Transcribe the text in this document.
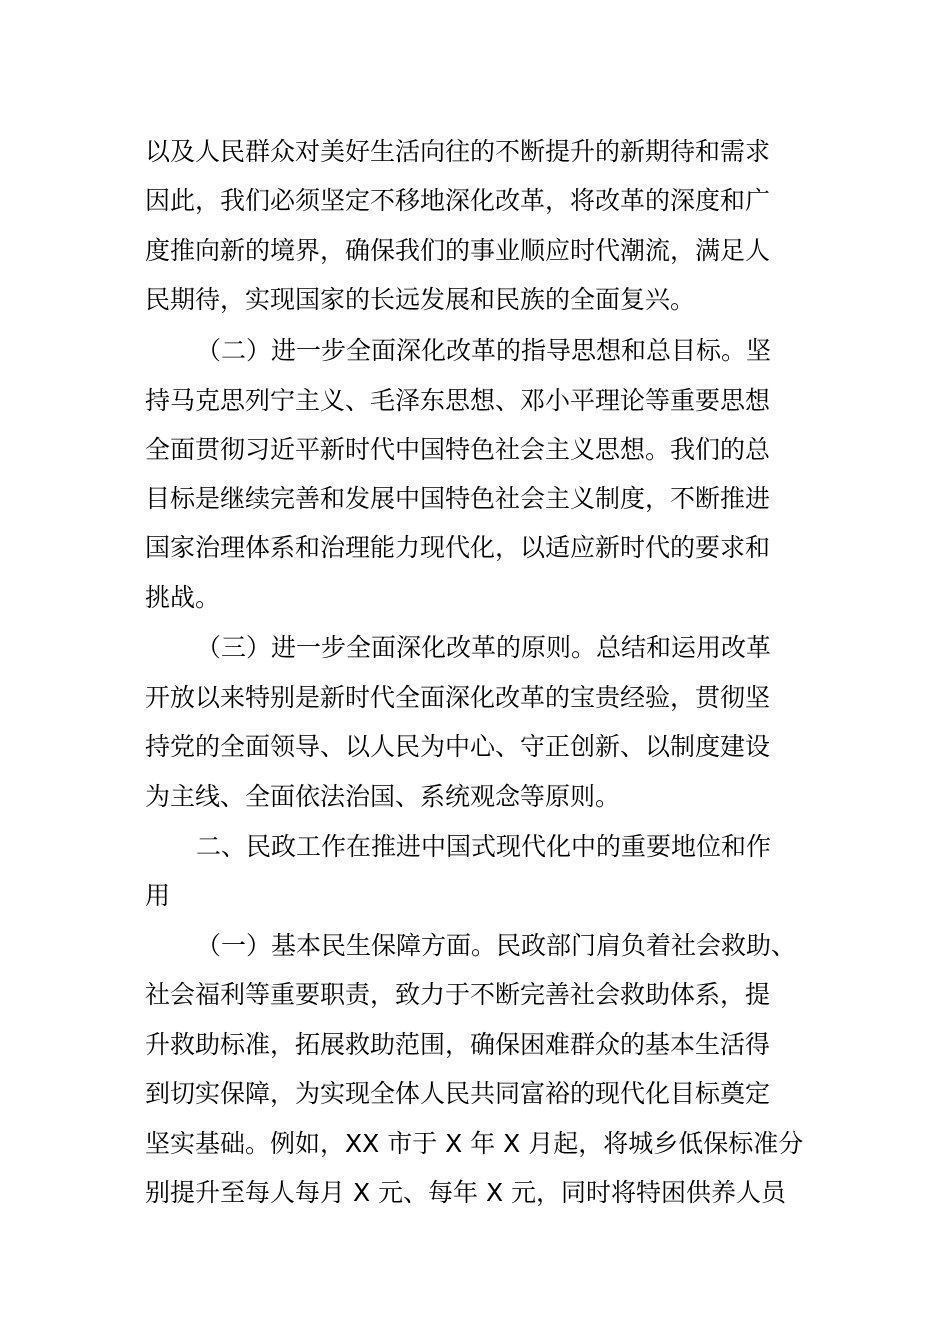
以及人民群众对美好生活向往的不断提升的新期待和需求
因此，我们必须坚定不移地深化改革，将改革的深度和广
度推向新的境界，确保我们的事业顺应时代潮流，满足人
民期待，实现国家的长远发展和民族的全面复兴。
（二）进一步全面深化改革的指导思想和总目标。坚
持马克思列宁主义、毛泽东思想、邓小平理论等重要思想
全面贯彻习近平新时代中国特色社会主义思想。我们的总
目标是继续完善和发展中国特色社会主义制度，不断推进
国家治理体系和治理能力现代化，以适应新时代的要求和
挑战。
（三）进一步全面深化改革的原则。总结和运用改革
开放以来特别是新时代全面深化改革的宝贵经验，贯彻坚
持党的全面领导、以人民为中心、守正创新、以制度建设
为主线、全面依法治国、系统观念等原则。
二、民政工作在推进中国式现代化中的重要地位和作
用
（一）基本民生保障方面。民政部门肩负着社会救助、
社会福利等重要职责，致力于不断完善社会救助体系，提
升救助标准，拓展救助范围，确保困难群众的基本生活得
到切实保障，为实现全体人民共同富裕的现代化目标奠定
坚实基础。例如，XX 市于 X 年 X 月起，将城乡低保标准分
别提升至每人每月 X 元、每年 X 元，同时将特困供养人员
